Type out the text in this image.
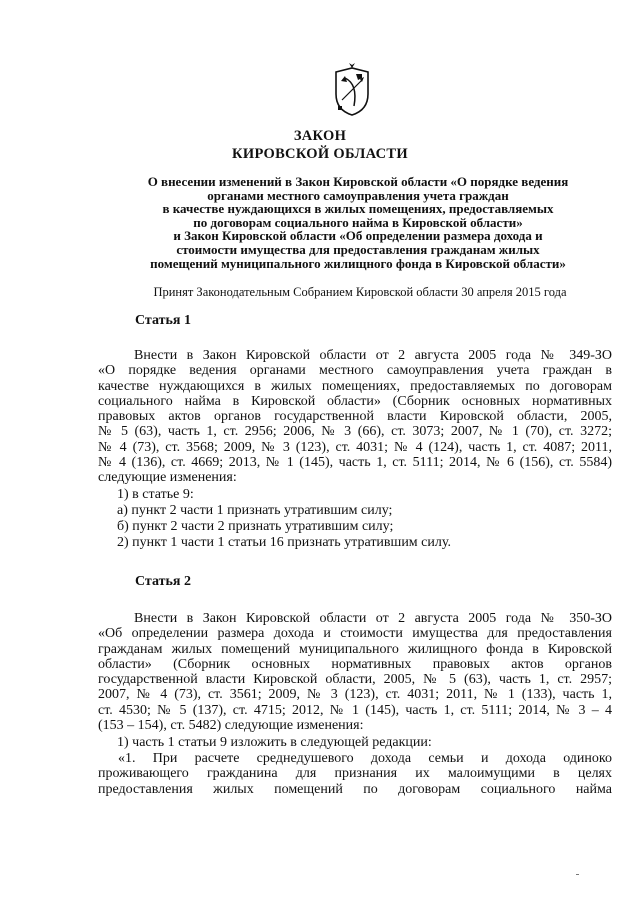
ЗАКОН
КИРОВСКОЙ ОБЛАСТИ
О внесении изменений в Закон Кировской области «О порядке ведения
органами местного самоуправления учета граждан
в качестве нуждающихся в жилых помещениях, предоставляемых
по договорам социального найма в Кировской области»
и Закон Кировской области «Об определении размера дохода и
стоимости имущества для предоставления гражданам жилых
помещений муниципального жилищного фонда в Кировской области»
Принят Законодательным Собранием Кировской области 30 апреля 2015 года
Статья 1
Внести в Закон Кировской области от 2 августа 2005 года № 349-ЗО
«О порядке ведения органами местного самоуправления учета граждан в
качестве нуждающихся в жилых помещениях, предоставляемых по договорам
социального найма в Кировской области» (Сборник основных нормативных
правовых актов органов государственной власти Кировской области, 2005,
№ 5 (63), часть 1, ст. 2956; 2006, № 3 (66), ст. 3073; 2007, № 1 (70), ст. 3272;
№ 4 (73), ст. 3568; 2009, № 3 (123), ст. 4031; № 4 (124), часть 1, ст. 4087; 2011,
№ 4 (136), ст. 4669; 2013, № 1 (145), часть 1, ст. 5111; 2014, № 6 (156), ст. 5584)
следующие изменения:
1) в статье 9:
а) пункт 2 части 1 признать утратившим силу;
б) пункт 2 части 2 признать утратившим силу;
2) пункт 1 части 1 статьи 16 признать утратившим силу.
Статья 2
Внести в Закон Кировской области от 2 августа 2005 года № 350-ЗО
«Об определении размера дохода и стоимости имущества для предоставления
гражданам жилых помещений муниципального жилищного фонда в Кировской
области» (Сборник основных нормативных правовых актов органов
государственной власти Кировской области, 2005, № 5 (63), часть 1, ст. 2957;
2007, № 4 (73), ст. 3561; 2009, № 3 (123), ст. 4031; 2011, № 1 (133), часть 1,
ст. 4530; № 5 (137), ст. 4715; 2012, № 1 (145), часть 1, ст. 5111; 2014, № 3 – 4
(153 – 154), ст. 5482) следующие изменения:
1) часть 1 статьи 9 изложить в следующей редакции:
«1. При расчете среднедушевого дохода семьи и дохода одиноко
проживающего гражданина для признания их малоимущими в целях
предоставления жилых помещений по договорам социального найма
